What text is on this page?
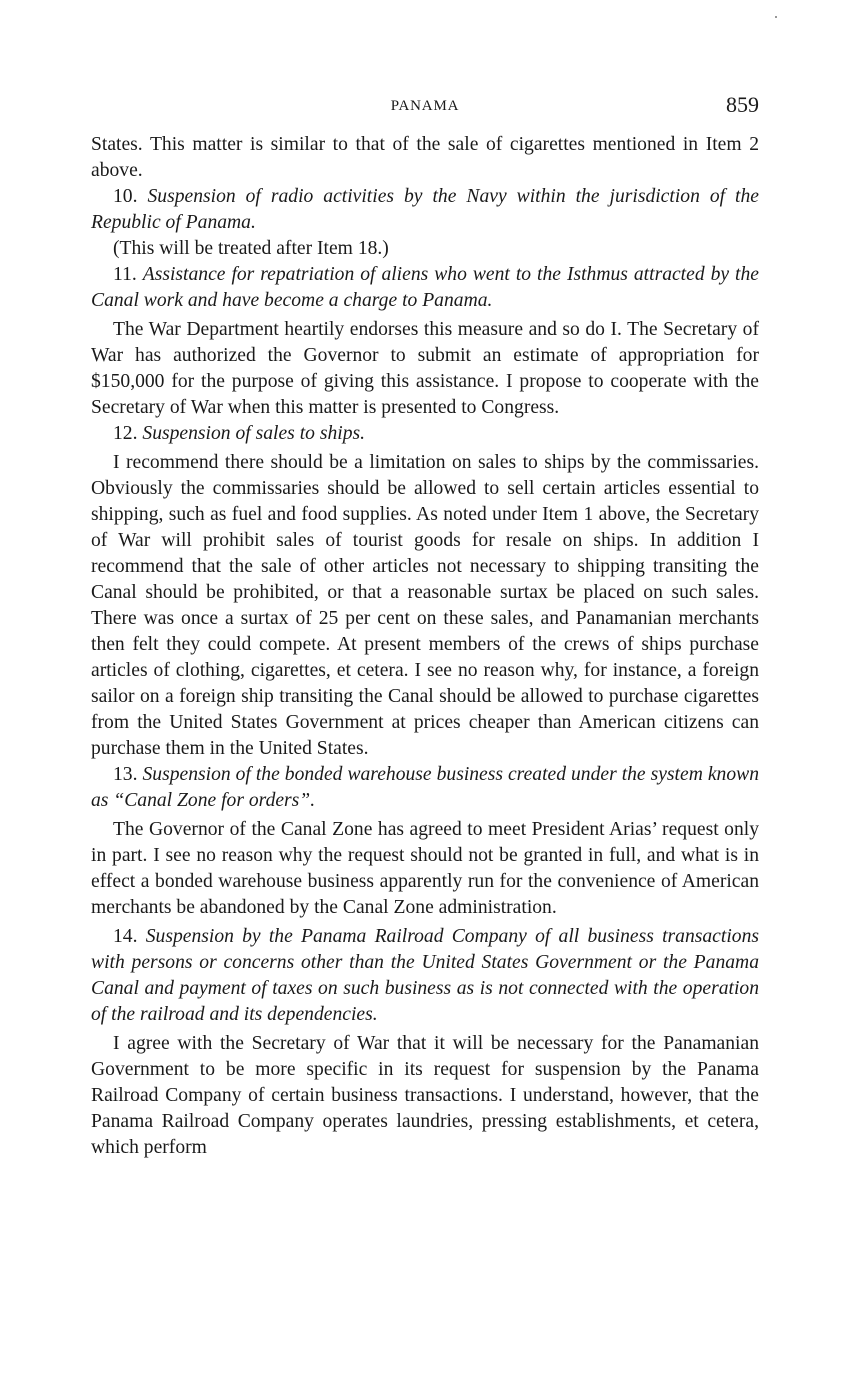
PANAMA	859

States. This matter is similar to that of the sale of cigarettes mentioned in Item 2 above.

10. Suspension of radio activities by the Navy within the jurisdiction of the Republic of Panama.

(This will be treated after Item 18.)

11. Assistance for repatriation of aliens who went to the Isthmus attracted by the Canal work and have become a charge to Panama.

The War Department heartily endorses this measure and so do I. The Secretary of War has authorized the Governor to submit an estimate of appropriation for $150,000 for the purpose of giving this assistance. I propose to cooperate with the Secretary of War when this matter is presented to Congress.

12. Suspension of sales to ships.

I recommend there should be a limitation on sales to ships by the commissaries. Obviously the commissaries should be allowed to sell certain articles essential to shipping, such as fuel and food supplies. As noted under Item 1 above, the Secretary of War will prohibit sales of tourist goods for resale on ships. In addition I recommend that the sale of other articles not necessary to shipping transiting the Canal should be prohibited, or that a reasonable surtax be placed on such sales. There was once a surtax of 25 per cent on these sales, and Panamanian merchants then felt they could compete. At present members of the crews of ships purchase articles of clothing, cigarettes, et cetera. I see no reason why, for instance, a foreign sailor on a foreign ship transiting the Canal should be allowed to purchase cigarettes from the United States Government at prices cheaper than American citizens can purchase them in the United States.

13. Suspension of the bonded warehouse business created under the system known as “Canal Zone for orders”.

The Governor of the Canal Zone has agreed to meet President Arias’ request only in part. I see no reason why the request should not be granted in full, and what is in effect a bonded warehouse business apparently run for the convenience of American merchants be abandoned by the Canal Zone administration.

14. Suspension by the Panama Railroad Company of all business transactions with persons or concerns other than the United States Government or the Panama Canal and payment of taxes on such business as is not connected with the operation of the railroad and its dependencies.

I agree with the Secretary of War that it will be necessary for the Panamanian Government to be more specific in its request for suspension by the Panama Railroad Company of certain business transactions. I understand, however, that the Panama Railroad Company operates laundries, pressing establishments, et cetera, which perform
